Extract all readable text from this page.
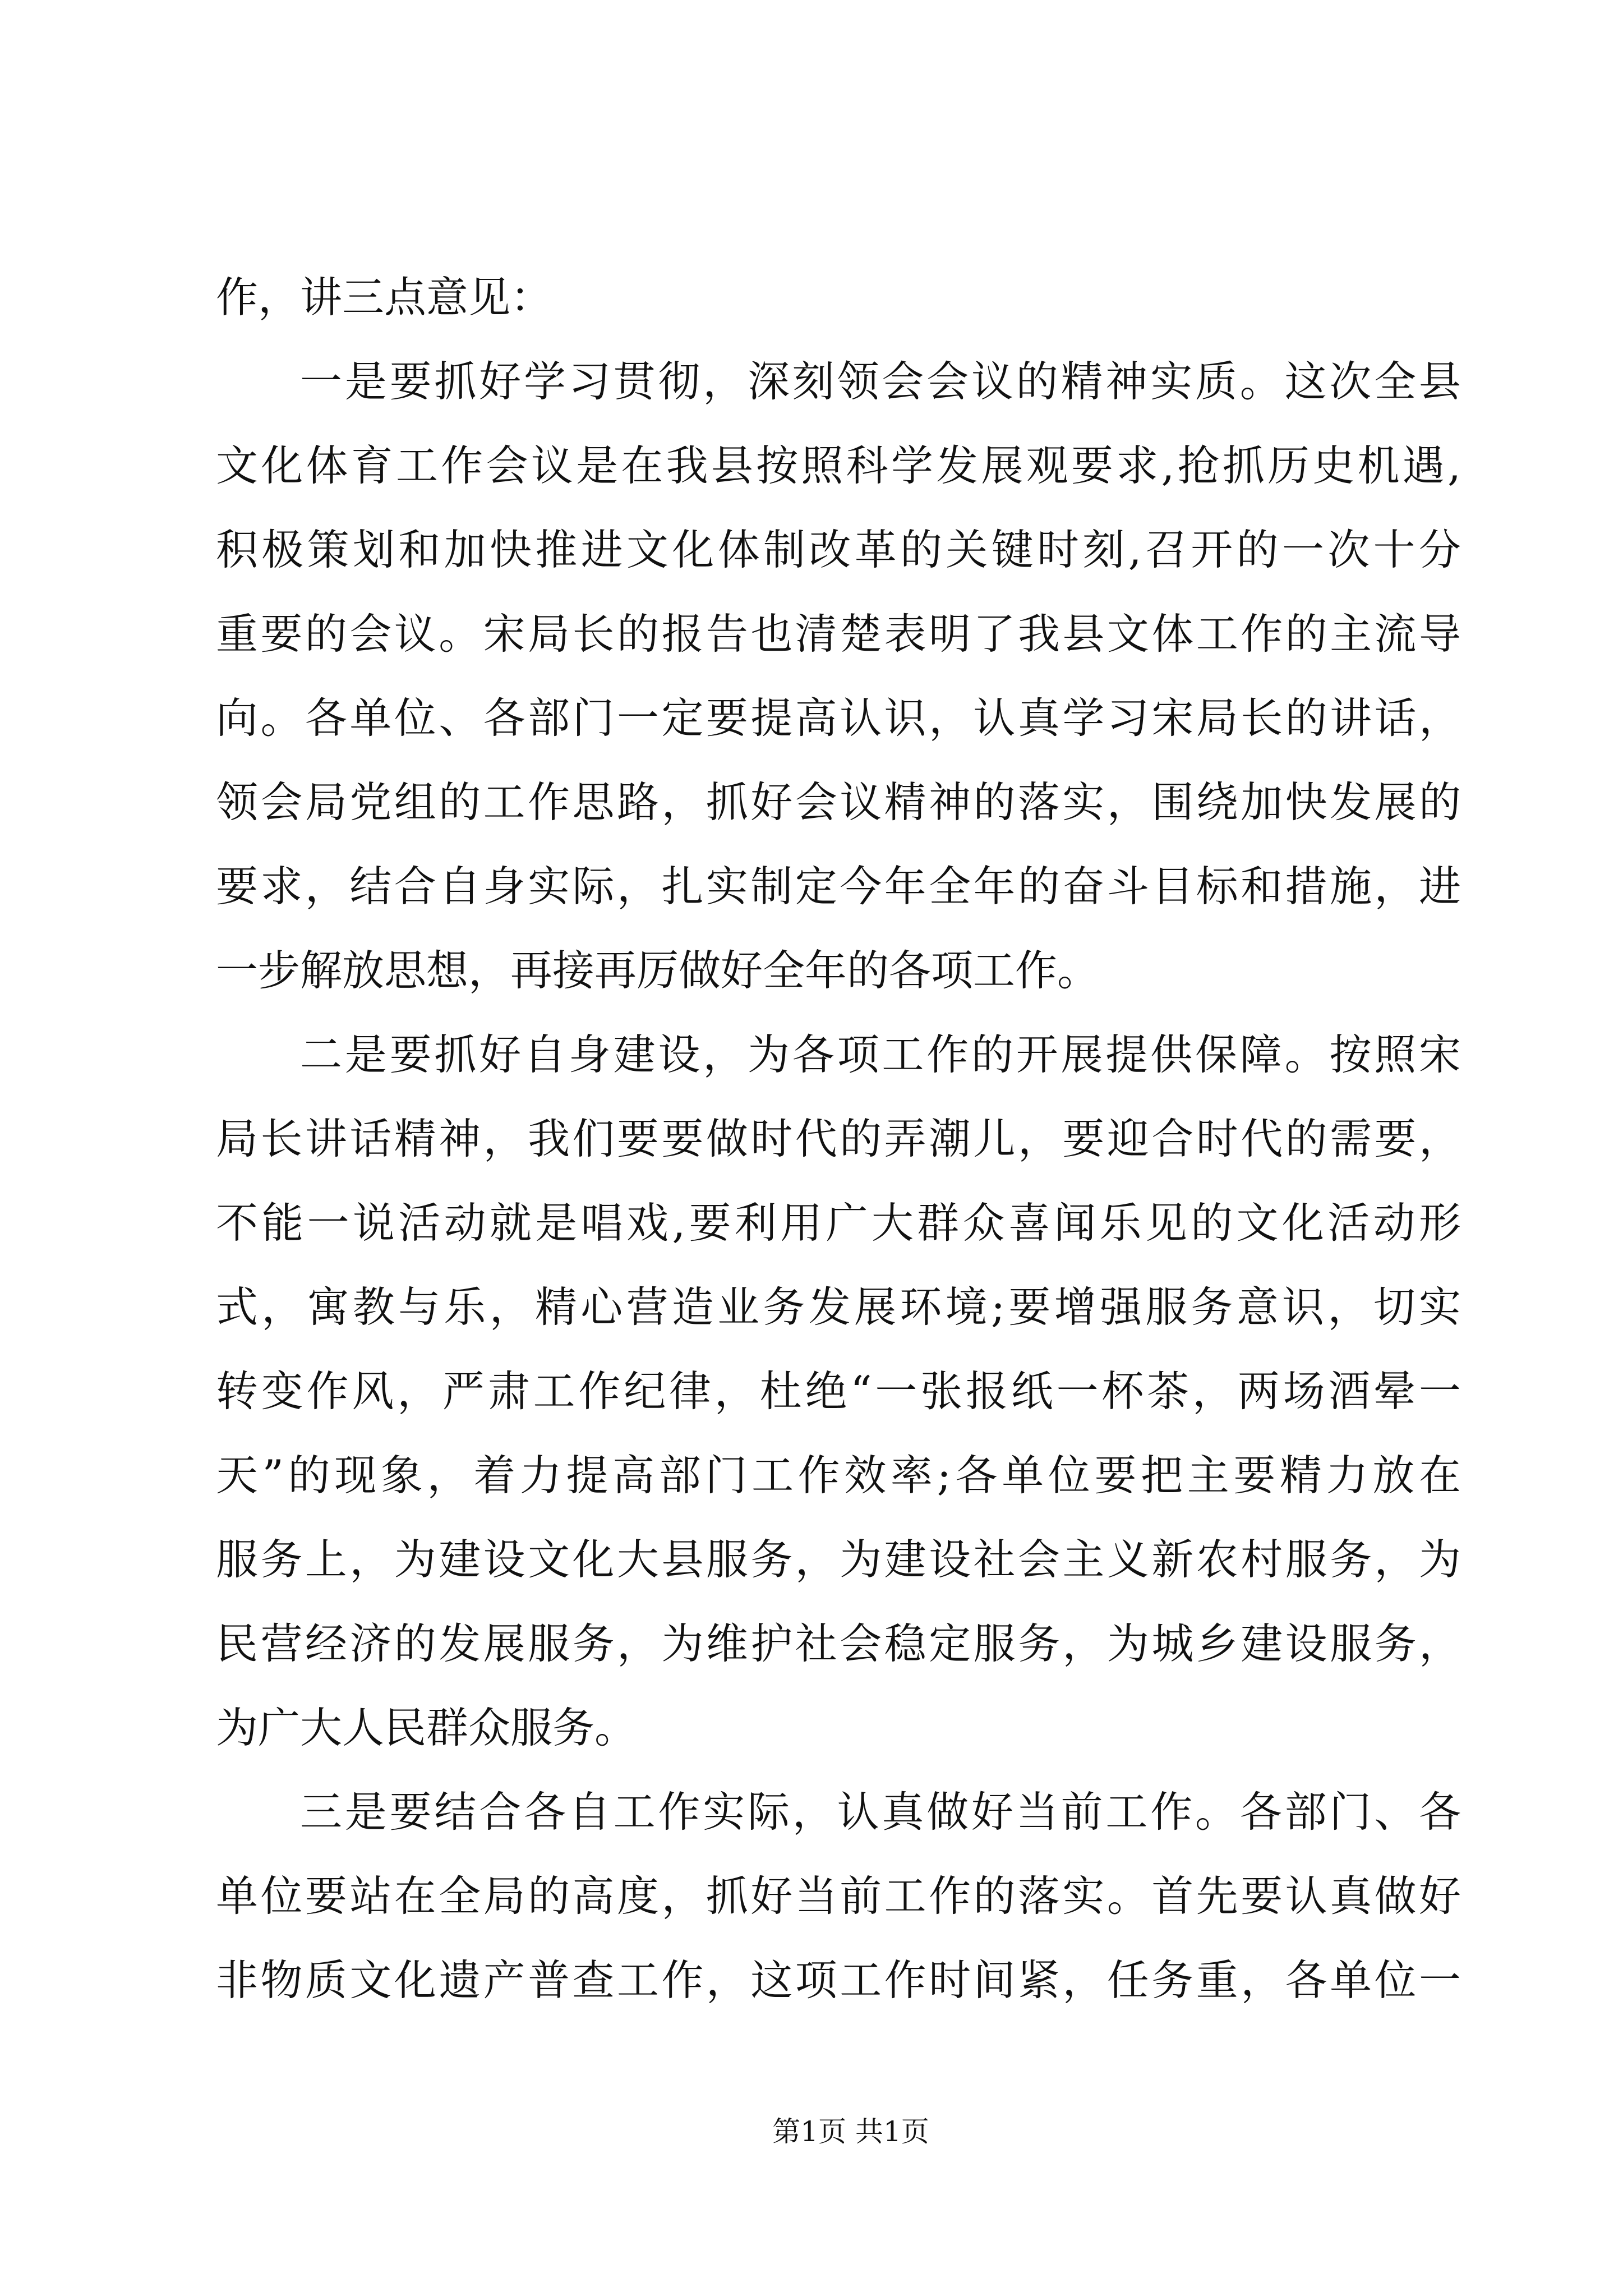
作，讲三点意见：
一是要抓好学习贯彻，深刻领会会议的精神实质。这次全县
文化体育工作会议是在我县按照科学发展观要求,抢抓历史机遇,
积极策划和加快推进文化体制改革的关键时刻,召开的一次十分
重要的会议。宋局长的报告也清楚表明了我县文体工作的主流导
向。各单位、各部门一定要提高认识，认真学习宋局长的讲话，
领会局党组的工作思路，抓好会议精神的落实，围绕加快发展的
要求，结合自身实际，扎实制定今年全年的奋斗目标和措施，进
一步解放思想，再接再厉做好全年的各项工作。
二是要抓好自身建设，为各项工作的开展提供保障。按照宋
局长讲话精神，我们要要做时代的弄潮儿，要迎合时代的需要，
不能一说活动就是唱戏,要利用广大群众喜闻乐见的文化活动形
式，寓教与乐，精心营造业务发展环境;要增强服务意识，切实
转变作风，严肃工作纪律，杜绝“一张报纸一杯茶，两场酒晕一
天”的现象，着力提高部门工作效率;各单位要把主要精力放在
服务上，为建设文化大县服务，为建设社会主义新农村服务，为
民营经济的发展服务，为维护社会稳定服务，为城乡建设服务，
为广大人民群众服务。
三是要结合各自工作实际，认真做好当前工作。各部门、各
单位要站在全局的高度，抓好当前工作的落实。首先要认真做好
非物质文化遗产普查工作，这项工作时间紧，任务重，各单位一
第1页 共1页
